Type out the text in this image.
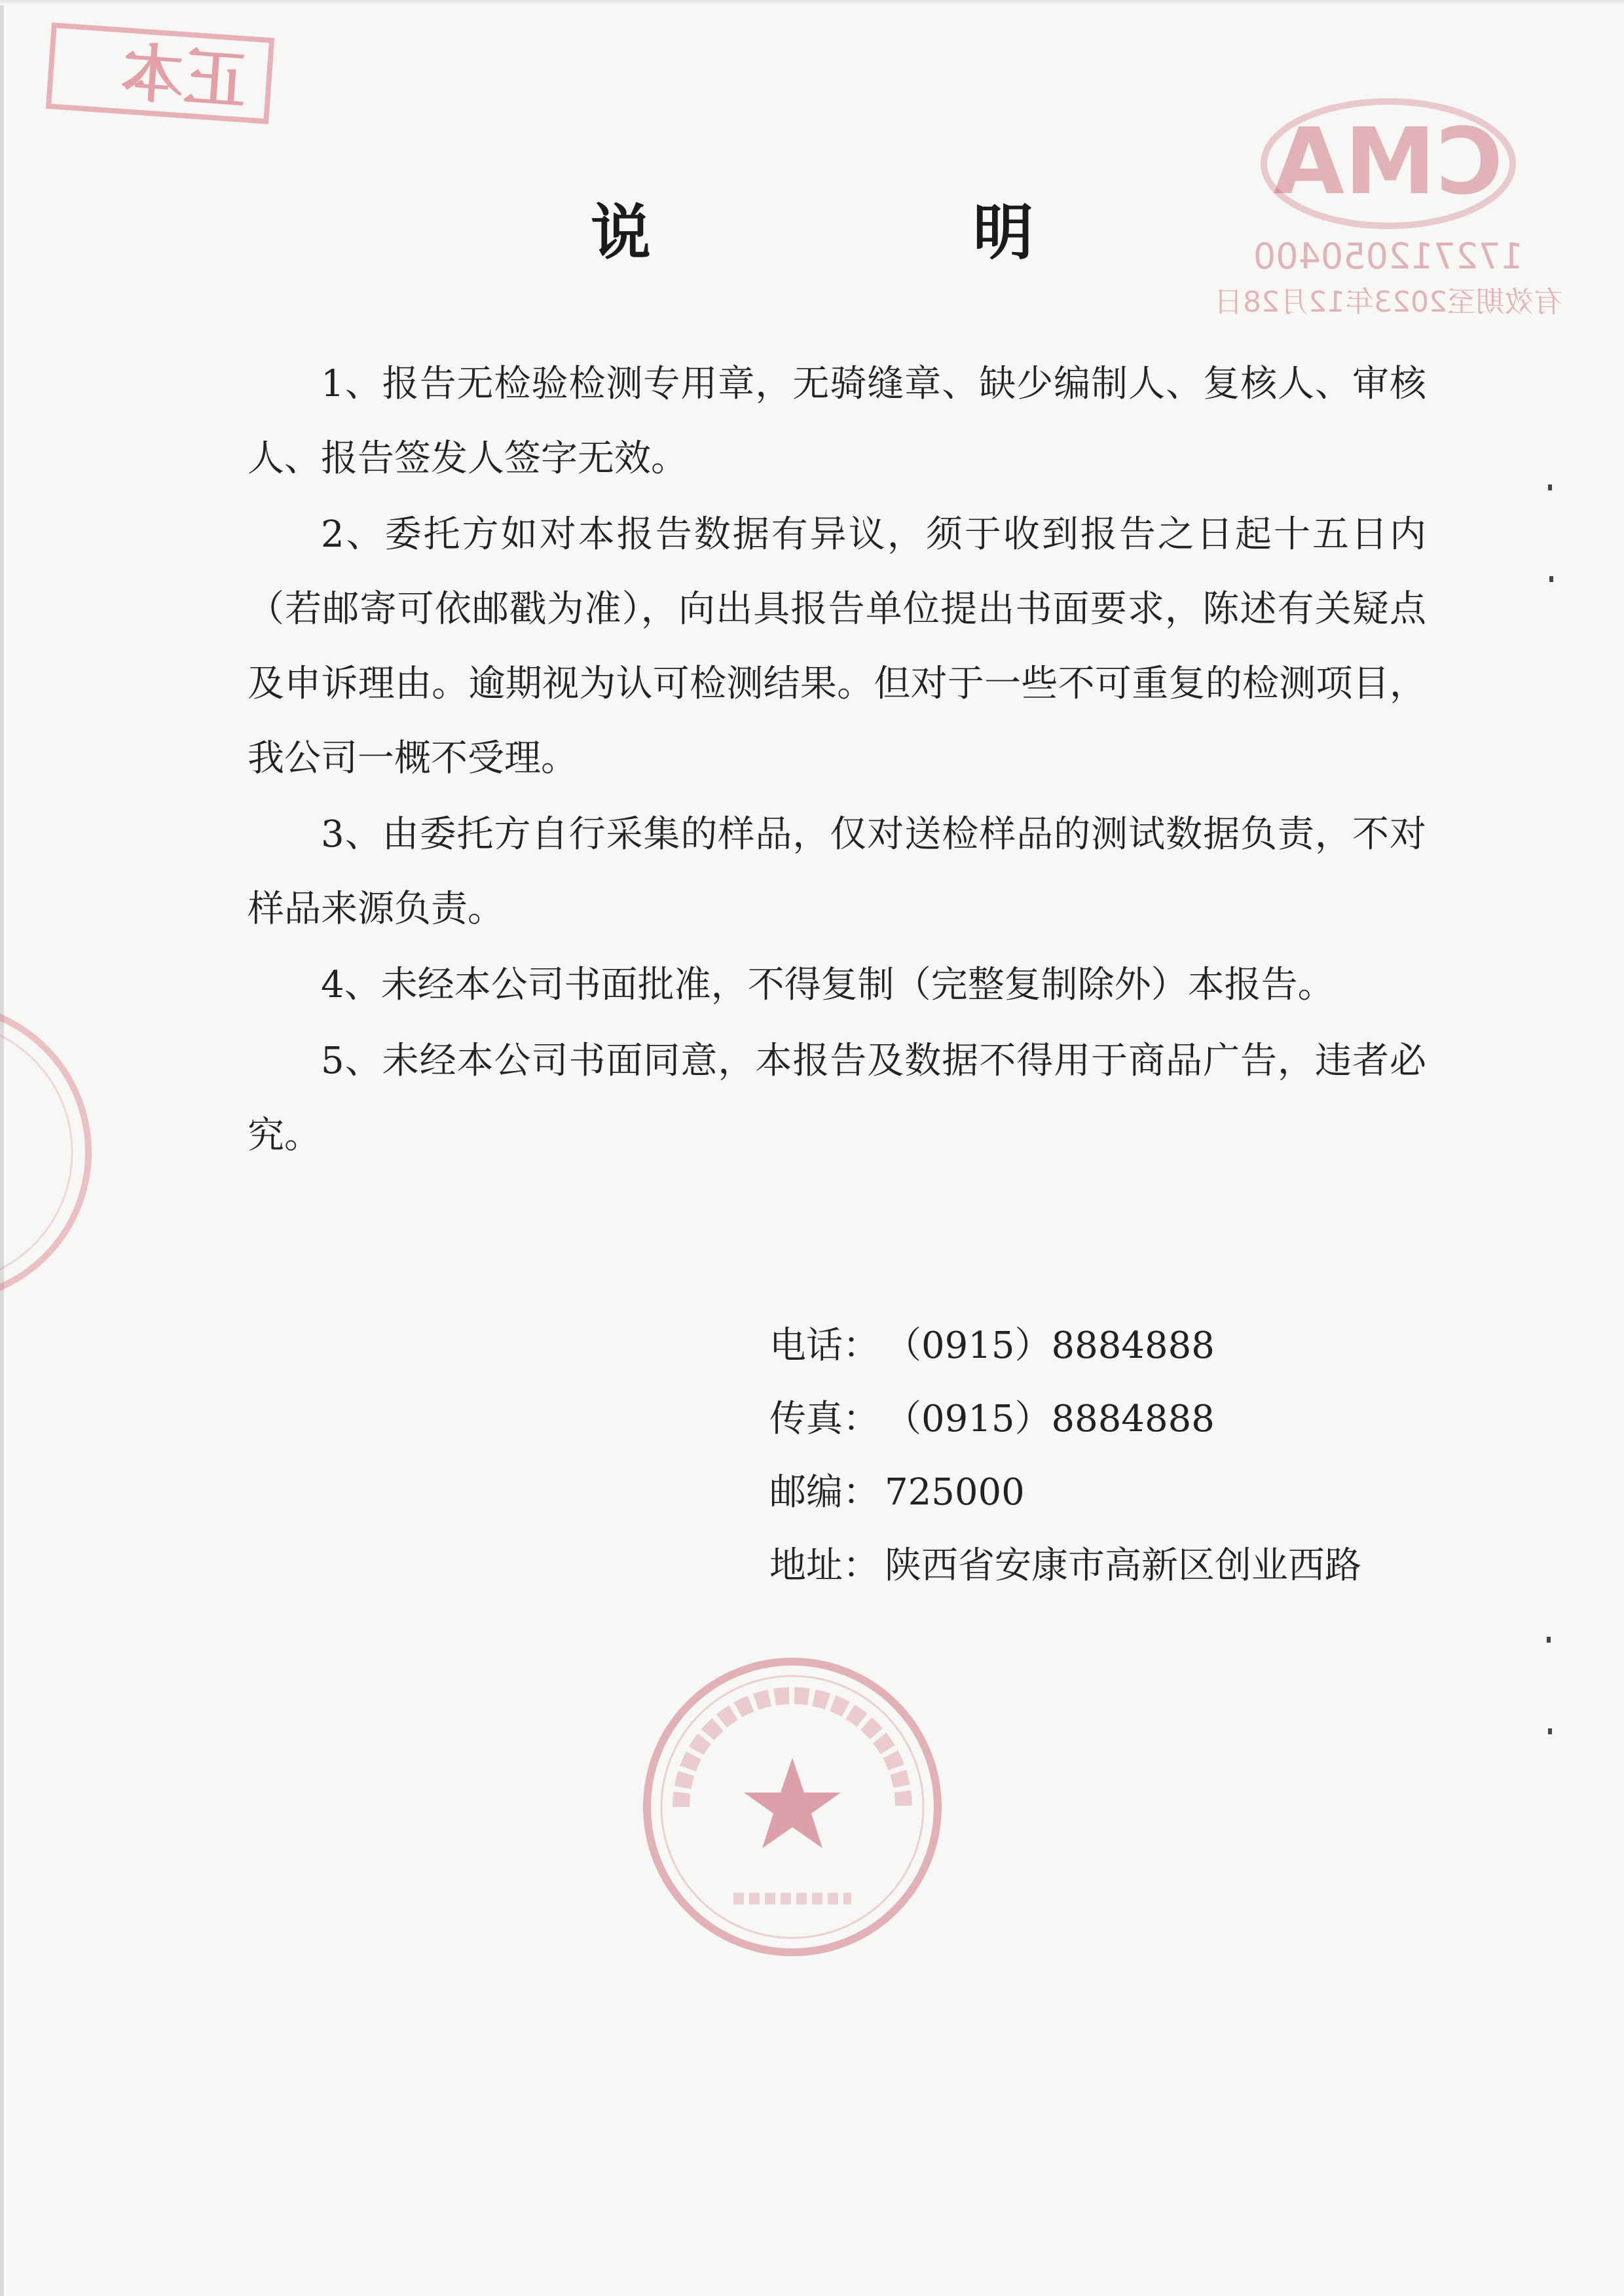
正本
CMA
172712050400
有效期至2023年12月28日
说　明

1、报告无检验检测专用章，无骑缝章、缺少编制人、复核人、审核人、报告签发人签字无效。

2、委托方如对本报告数据有异议，须于收到报告之日起十五日内（若邮寄可依邮戳为准），向出具报告单位提出书面要求，陈述有关疑点及申诉理由。逾期视为认可检测结果。但对于一些不可重复的检测项目，我公司一概不受理。

3、由委托方自行采集的样品，仅对送检样品的测试数据负责，不对样品来源负责。

4、未经本公司书面批准，不得复制（完整复制除外）本报告。

5、未经本公司书面同意，本报告及数据不得用于商品广告，违者必究。

电话： （0915）8884888
传真： （0915）8884888
邮编： 725000
地址： 陕西省安康市高新区创业西路
